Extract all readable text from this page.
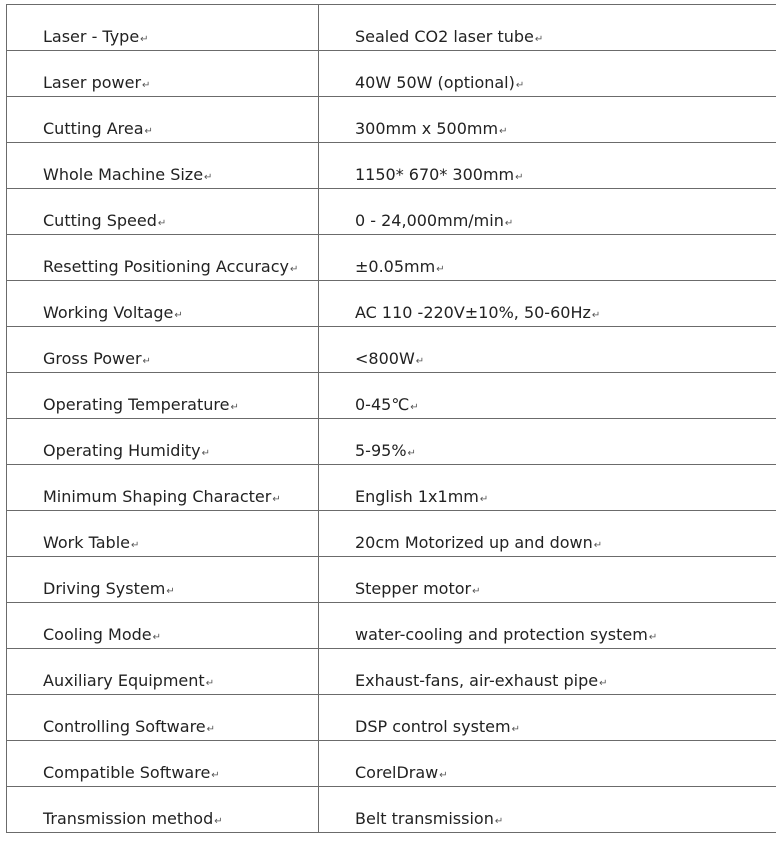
Laser - Type↵	Sealed CO2 laser tube↵
Laser power↵	40W 50W (optional)↵
Cutting Area↵	300mm x 500mm↵
Whole Machine Size↵	1150* 670* 300mm↵
Cutting Speed↵	0 - 24,000mm/min↵
Resetting Positioning Accuracy↵	±0.05mm↵
Working Voltage↵	AC 110 -220V±10%, 50-60Hz↵
Gross Power↵	<800W↵
Operating Temperature↵	0-45℃↵
Operating Humidity↵	5-95%↵
Minimum Shaping Character↵	English 1x1mm↵
Work Table↵	20cm Motorized up and down↵
Driving System↵	Stepper motor↵
Cooling Mode↵	water-cooling and protection system↵
Auxiliary Equipment↵	Exhaust-fans, air-exhaust pipe↵
Controlling Software↵	DSP control system↵
Compatible Software↵	CorelDraw↵
Transmission method↵	Belt transmission↵
